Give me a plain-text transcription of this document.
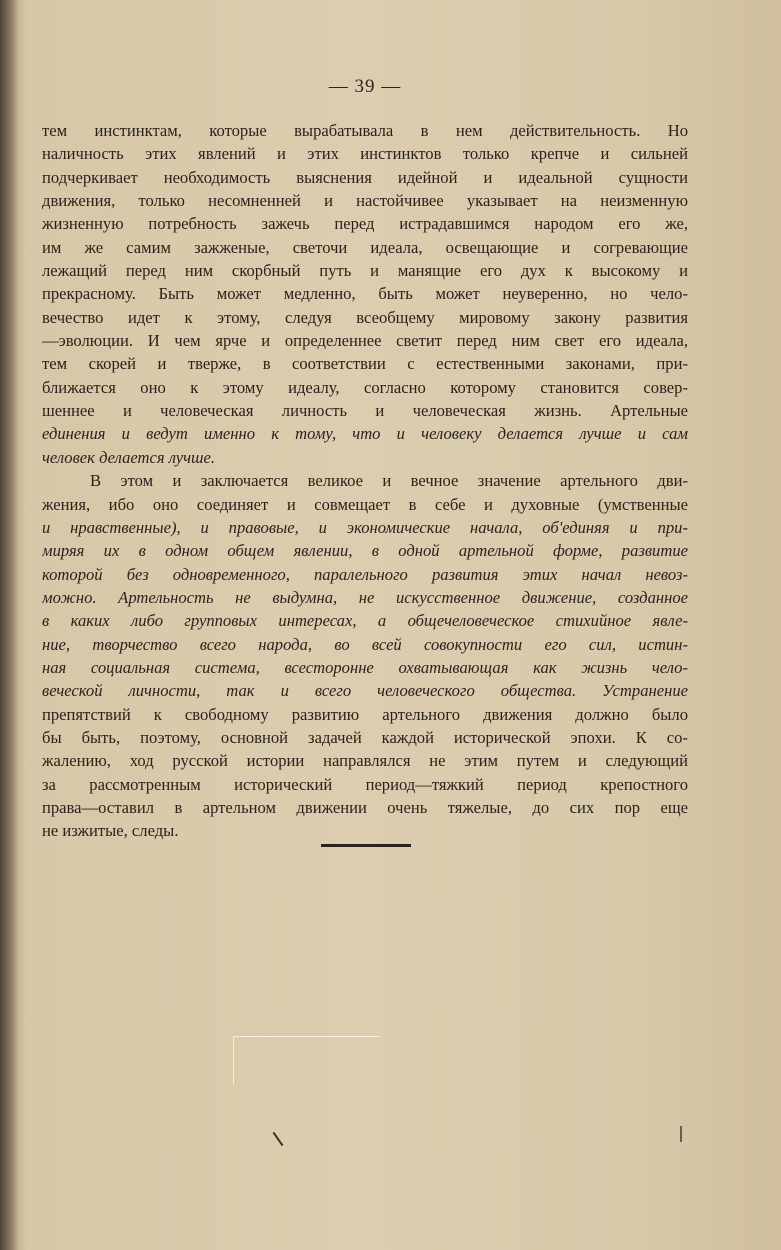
— 39 —
тем инстинктам, которые вырабатывала в нем действительность. Но
наличность этих явлений и этих инстинктов только крепче и сильней
подчеркивает необходимость выяснения идейной и идеальной сущности
движения, только несомненней и настойчивее указывает на неизменную
жизненную потребность зажечь перед истрадавшимся народом его же,
им же самим зажженые, светочи идеала, освещающие и согревающие
лежащий перед ним скорбный путь и манящие его дух к высокому и
прекрасному. Быть может медленно, быть может неуверенно, но чело-
вечество идет к этому, следуя всеобщему мировому закону развития
—эволюции. И чем ярче и определеннее светит перед ним свет его идеала,
тем скорей и тверже, в соответствии с естественными законами, при-
ближается оно к этому идеалу, согласно которому становится совер-
шеннее и человеческая личность и человеческая жизнь. Артельные
единения и ведут именно к тому, что и человеку делается лучше и сам
человек делается лучше.
В этом и заключается великое и вечное значение артельного дви-
жения, ибо оно соединяет и совмещает в себе и духовные (умственные
и нравственные), и правовые, и экономические начала, об'единяя и при-
миряя их в одном общем явлении, в одной артельной форме, развитие
которой без одновременного, паралельного развития этих начал невоз-
можно. Артельность не выдумна, не искусственное движение, созданное
в каких либо групповых интересах, а общечеловеческое стихийное явле-
ние, творчество всего народа, во всей совокупности его сил, истин-
ная социальная система, всесторонне охватывающая как жизнь чело-
веческой личности, так и всего человеческого общества. Устранение
препятствий к свободному развитию артельного движения должно было
бы быть, поэтому, основной задачей каждой исторической эпохи. К со-
жалению, ход русской истории направлялся не этим путем и следующий
за рассмотренным исторический период—тяжкий период крепостного
права—оставил в артельном движении очень тяжелые, до сих пор еще
не изжитые, следы.
